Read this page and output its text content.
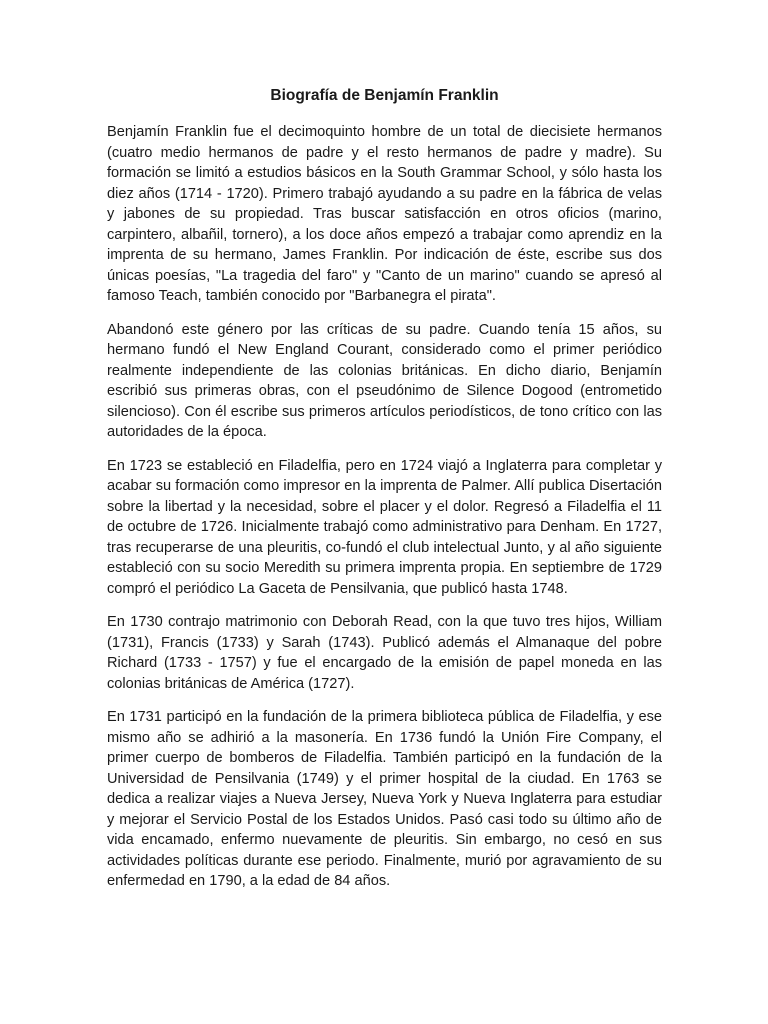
Biografía de Benjamín Franklin

Benjamín Franklin fue el decimoquinto hombre de un total de diecisiete hermanos (cuatro medio hermanos de padre y el resto hermanos de padre y madre). Su formación se limitó a estudios básicos en la South Grammar School, y sólo hasta los diez años (1714 - 1720). Primero trabajó ayudando a su padre en la fábrica de velas y jabones de su propiedad. Tras buscar satisfacción en otros oficios (marino, carpintero, albañil, tornero), a los doce años empezó a trabajar como aprendiz en la imprenta de su hermano, James Franklin. Por indicación de éste, escribe sus dos únicas poesías, "La tragedia del faro" y "Canto de un marino" cuando se apresó al famoso Teach, también conocido por "Barbanegra el pirata".

Abandonó este género por las críticas de su padre. Cuando tenía 15 años, su hermano fundó el New England Courant, considerado como el primer periódico realmente independiente de las colonias británicas. En dicho diario, Benjamín escribió sus primeras obras, con el pseudónimo de Silence Dogood (entrometido silencioso). Con él escribe sus primeros artículos periodísticos, de tono crítico con las autoridades de la época.

En 1723 se estableció en Filadelfia, pero en 1724 viajó a Inglaterra para completar y acabar su formación como impresor en la imprenta de Palmer. Allí publica Disertación sobre la libertad y la necesidad, sobre el placer y el dolor. Regresó a Filadelfia el 11 de octubre de 1726. Inicialmente trabajó como administrativo para Denham. En 1727, tras recuperarse de una pleuritis, co-fundó el club intelectual Junto, y al año siguiente estableció con su socio Meredith su primera imprenta propia. En septiembre de 1729 compró el periódico La Gaceta de Pensilvania, que publicó hasta 1748.

En 1730 contrajo matrimonio con Deborah Read, con la que tuvo tres hijos, William (1731), Francis (1733) y Sarah (1743). Publicó además el Almanaque del pobre Richard (1733 - 1757) y fue el encargado de la emisión de papel moneda en las colonias británicas de América (1727).

En 1731 participó en la fundación de la primera biblioteca pública de Filadelfia, y ese mismo año se adhirió a la masonería. En 1736 fundó la Unión Fire Company, el primer cuerpo de bomberos de Filadelfia. También participó en la fundación de la Universidad de Pensilvania (1749) y el primer hospital de la ciudad. En 1763 se dedica a realizar viajes a Nueva Jersey, Nueva York y Nueva Inglaterra para estudiar y mejorar el Servicio Postal de los Estados Unidos. Pasó casi todo su último año de vida encamado, enfermo nuevamente de pleuritis. Sin embargo, no cesó en sus actividades políticas durante ese periodo. Finalmente, murió por agravamiento de su enfermedad en 1790, a la edad de 84 años.
